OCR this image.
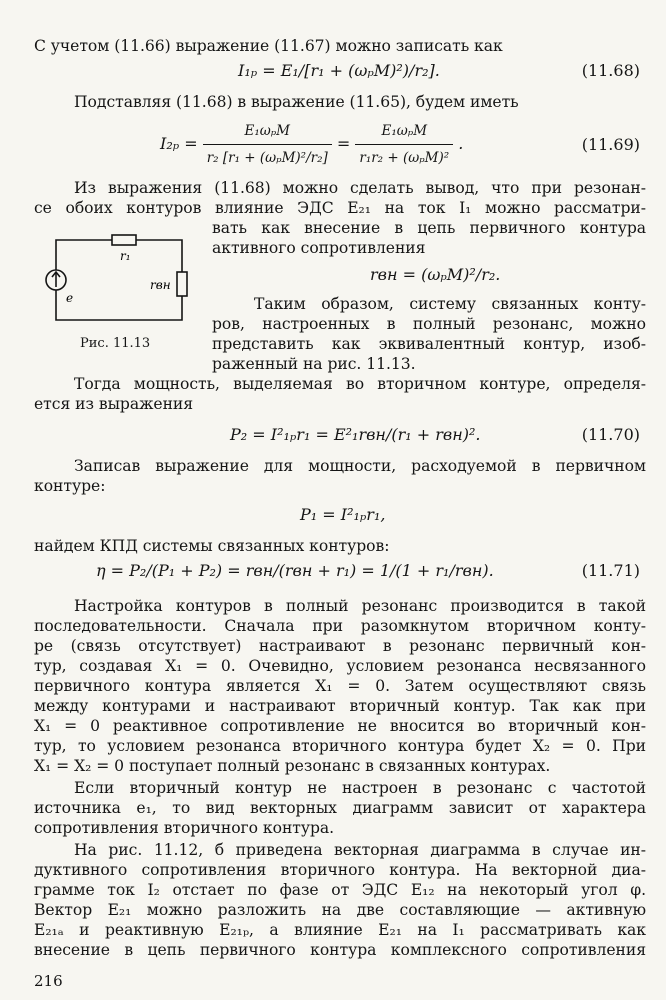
С учетом (11.66) выражение (11.67) можно записать как
I₁ₚ = E₁/[r₁ + (ωₚM)²)/r₂].	(11.68)
Подставляя (11.68) в выражение (11.65), будем иметь
$I_{2p} = \frac{\text{E₁ωₚM}}{\text{r₂ [r₁ + (ωₚM)²/r₂]}} = \frac{\text{E₁ωₚM}}{\text{r₁r₂ + (ωₚM)²}}$ .	(11.69)
Из выражения (11.68) можно сделать вывод, что при резонан-
се обоих контуров влияние ЭДС E₂₁ на ток I₁ можно рассматри-
вать как внесение в цепь первичного контура
активного сопротивления
r₁
rвн
e
rвн = (ωₚM)²/r₂.
Таким образом, систему связанных конту-
ров, настроенных в полный резонанс, можно
Рис. 11.13	представить как эквивалентный контур, изоб-
раженный на рис. 11.13.
Тогда мощность, выделяемая во вторичном контуре, определя-
ется из выражения
P₂ = I²₁ₚr₁ = E²₁rвн/(r₁ + rвн)².	(11.70)
Записав выражение для мощности, расходуемой в первичном
контуре:
P₁ = I²₁ₚr₁,
найдем КПД системы связанных контуров:
η = P₂/(P₁ + P₂) = rвн/(rвн + r₁) = 1/(1 + r₁/rвн).	(11.71)
Настройка контуров в полный резонанс производится в такой
последовательности. Сначала при разомкнутом вторичном конту-
ре (связь отсутствует) настраивают в резонанс первичный кон-
тур, создавая X₁ = 0. Очевидно, условием резонанса несвязанного
первичного контура является X₁ = 0. Затем осуществляют связь
между контурами и настраивают вторичный контур. Так как при
X₁ = 0 реактивное сопротивление не вносится во вторичный кон-
тур, то условием резонанса вторичного контура будет X₂ = 0. При
X₁ = X₂ = 0 поступает полный резонанс в связанных контурах.
Если вторичный контур не настроен в резонанс с частотой
источника e₁, то вид векторных диаграмм зависит от характера
сопротивления вторичного контура.
На рис. 11.12, б приведена векторная диаграмма в случае ин-
дуктивного сопротивления вторичного контура. На векторной диа-
грамме ток I₂ отстает по фазе от ЭДС E₁₂ на некоторый угол φ.
Вектор E₂₁ можно разложить на две составляющие — активную
E₂₁ₐ и реактивную E₂₁ₚ, а влияние E₂₁ на I₁ рассматривать как
внесение в цепь первичного контура комплексного сопротивления
216
